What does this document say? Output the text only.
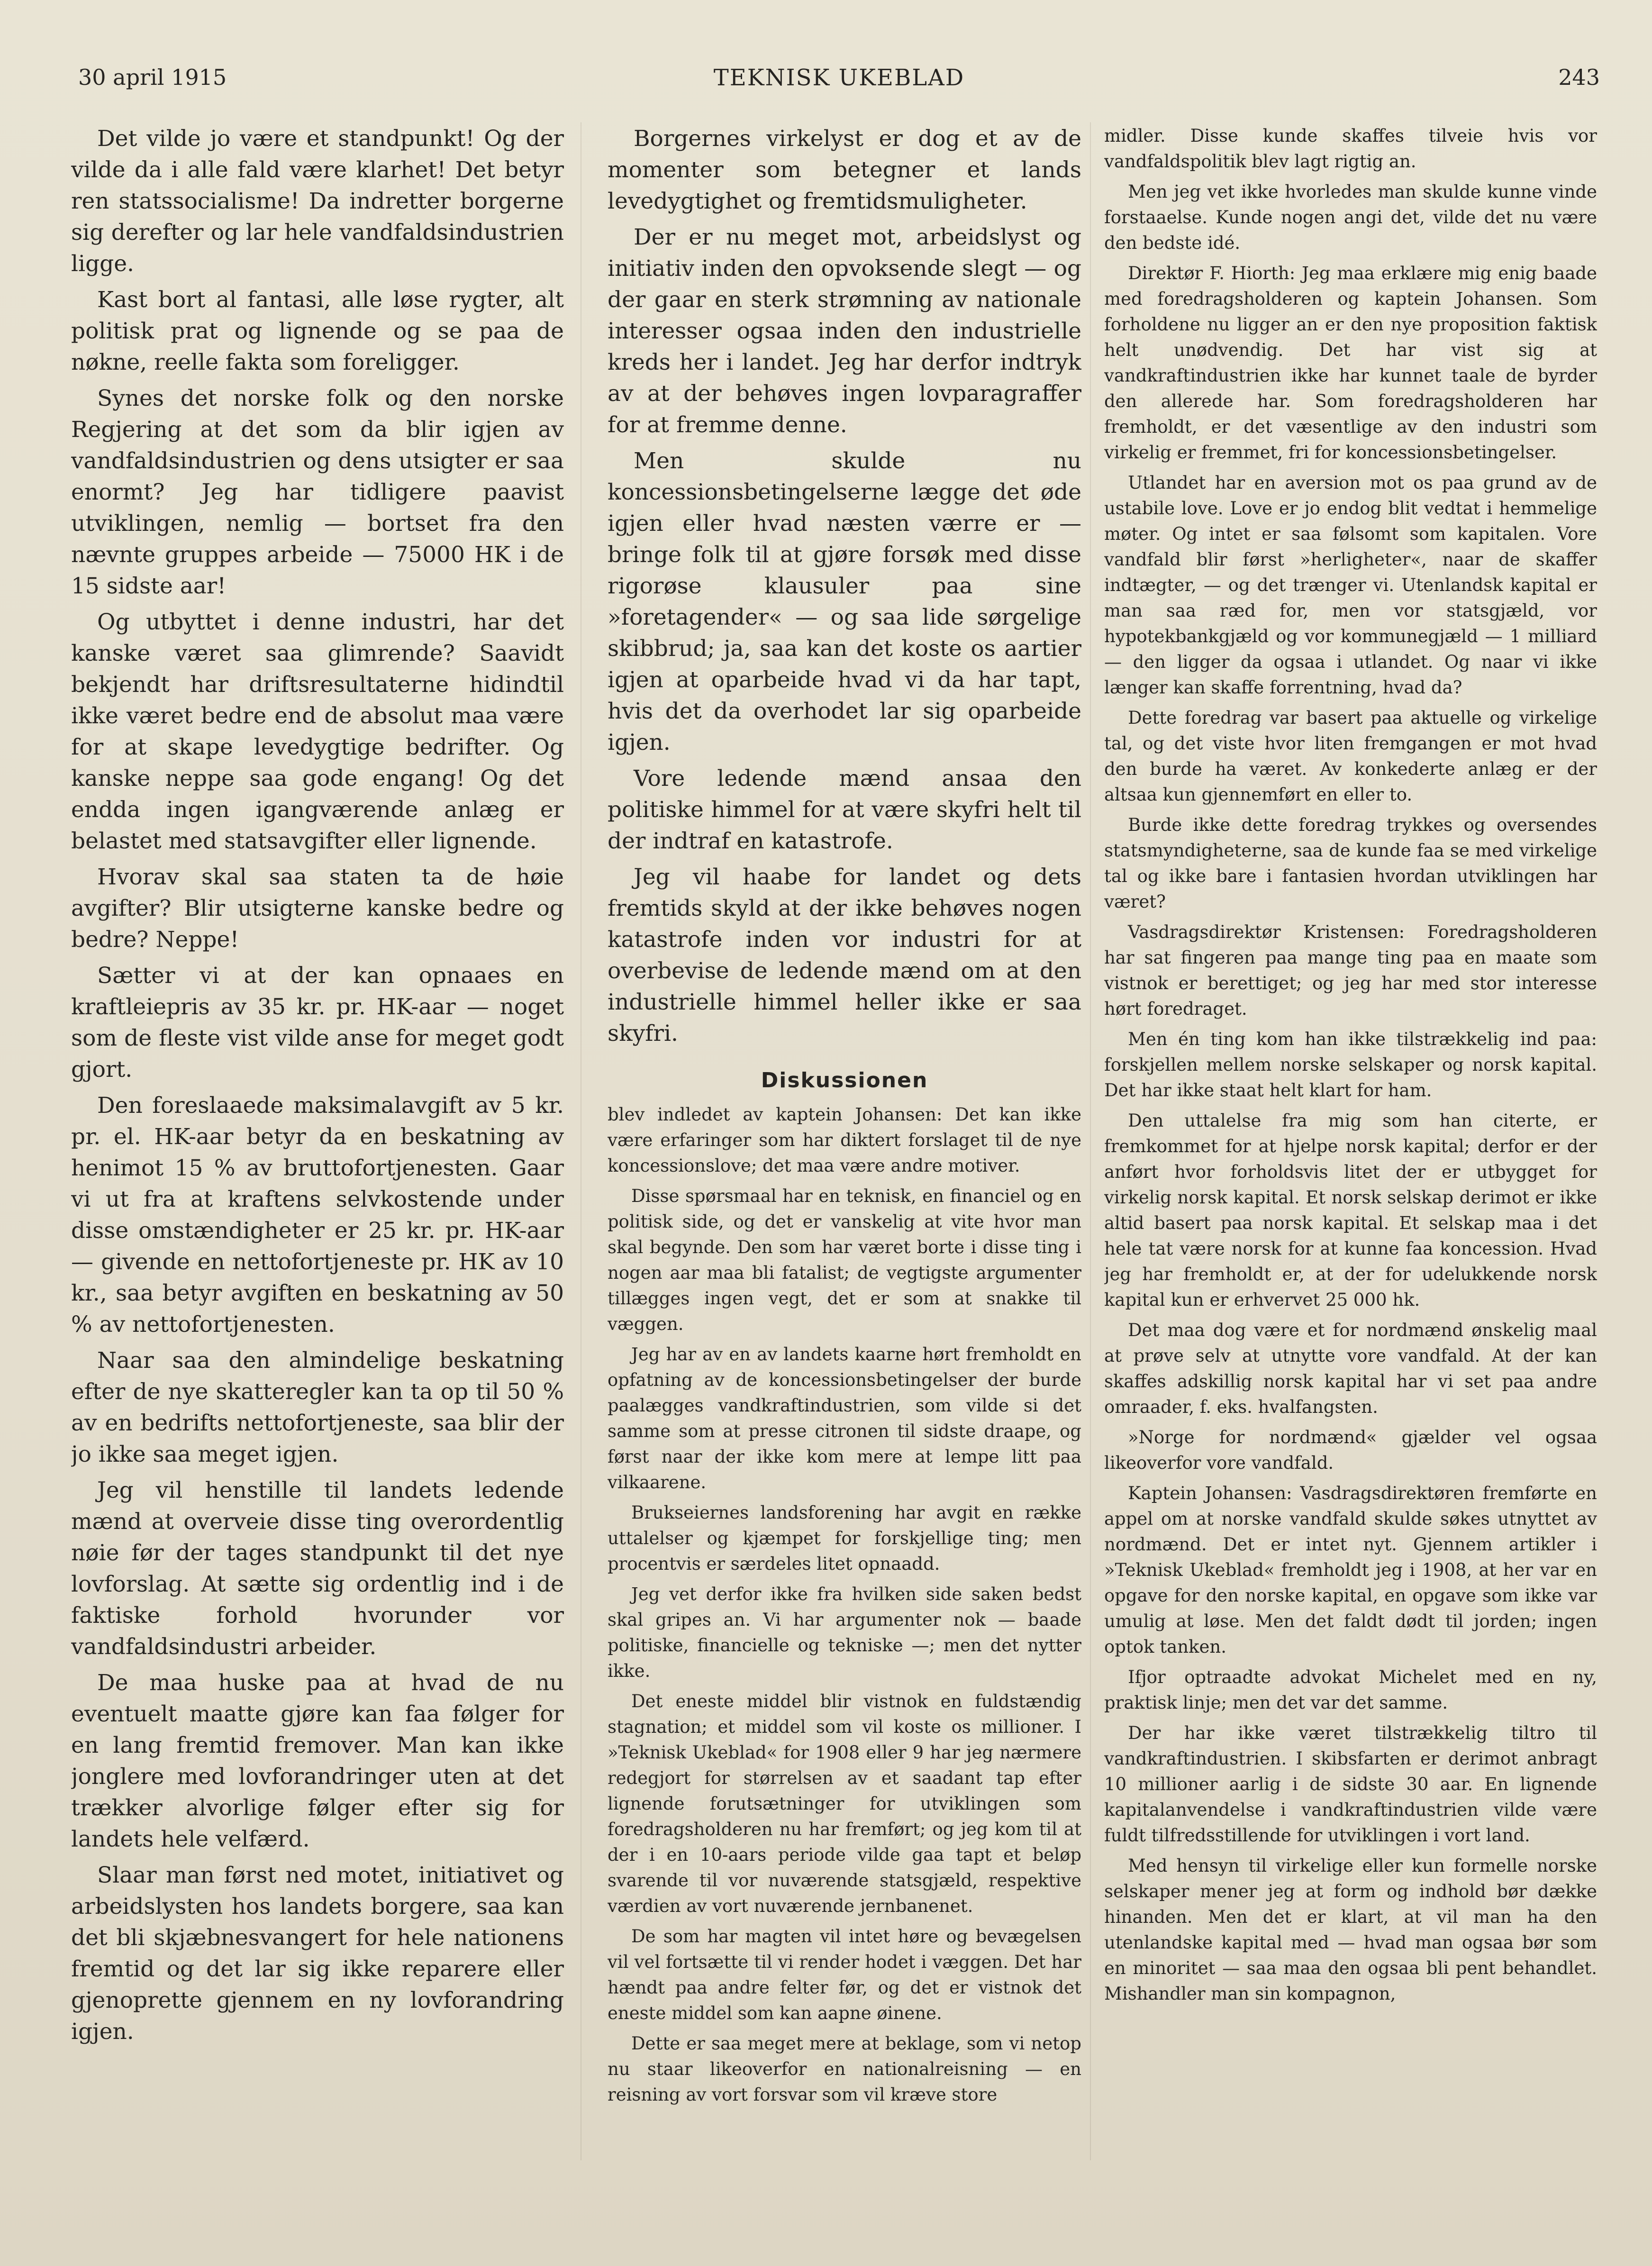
30 april 1915	TEKNISK UKEBLAD	243

Det vilde jo være et standpunkt! Og der vilde da i alle fald være klarhet! Det betyr ren statssocialisme! Da indretter borgerne sig derefter og lar hele vandfaldsindustrien ligge.

Kast bort al fantasi, alle løse rygter, alt politisk prat og lignende og se paa de nøkne, reelle fakta som foreligger.

Synes det norske folk og den norske Regjering at det som da blir igjen av vandfaldsindustrien og dens utsigter er saa enormt? Jeg har tidligere paavist utviklingen, nemlig — bortset fra den nævnte gruppes arbeide — 75000 HK i de 15 sidste aar!

Og utbyttet i denne industri, har det kanske været saa glimrende? Saavidt bekjendt har driftsresultaterne hidindtil ikke været bedre end de absolut maa være for at skape levedygtige bedrifter. Og kanske neppe saa gode engang! Og det endda ingen igangværende anlæg er belastet med statsavgifter eller lignende.

Hvorav skal saa staten ta de høie avgifter? Blir utsigterne kanske bedre og bedre? Neppe!

Sætter vi at der kan opnaaes en kraftleiepris av 35 kr. pr. HK-aar — noget som de fleste vist vilde anse for meget godt gjort.

Den foreslaaede maksimalavgift av 5 kr. pr. el. HK-aar betyr da en beskatning av henimot 15 % av bruttofortjenesten. Gaar vi ut fra at kraftens selvkostende under disse omstændigheter er 25 kr. pr. HK-aar — givende en nettofortjeneste pr. HK av 10 kr., saa betyr avgiften en beskatning av 50 % av nettofortjenesten.

Naar saa den almindelige beskatning efter de nye skatteregler kan ta op til 50 % av en bedrifts nettofortjeneste, saa blir der jo ikke saa meget igjen.

Jeg vil henstille til landets ledende mænd at overveie disse ting overordentlig nøie før der tages standpunkt til det nye lovforslag. At sætte sig ordentlig ind i de faktiske forhold hvorunder vor vandfaldsindustri arbeider.

De maa huske paa at hvad de nu eventuelt maatte gjøre kan faa følger for en lang fremtid fremover. Man kan ikke jonglere med lovforandringer uten at det trækker alvorlige følger efter sig for landets hele velfærd.

Slaar man først ned motet, initiativet og arbeidslysten hos landets borgere, saa kan det bli skjæbnesvangert for hele nationens fremtid og det lar sig ikke reparere eller gjenoprette gjennem en ny lovforandring igjen.

Borgernes virkelyst er dog et av de momenter som betegner et lands levedygtighet og fremtidsmuligheter.

Der er nu meget mot, arbeidslyst og initiativ inden den opvoksende slegt — og der gaar en sterk strømning av nationale interesser ogsaa inden den industrielle kreds her i landet. Jeg har derfor indtryk av at der behøves ingen lovparagraffer for at fremme denne.

Men skulde nu koncessionsbetingelserne lægge det øde igjen eller hvad næsten værre er — bringe folk til at gjøre forsøk med disse rigorøse klausuler paa sine »foretagender« — og saa lide sørgelige skibbrud; ja, saa kan det koste os aartier igjen at oparbeide hvad vi da har tapt, hvis det da overhodet lar sig oparbeide igjen.

Vore ledende mænd ansaa den politiske himmel for at være skyfri helt til der indtraf en katastrofe.

Jeg vil haabe for landet og dets fremtids skyld at der ikke behøves nogen katastrofe inden vor industri for at overbevise de ledende mænd om at den industrielle himmel heller ikke er saa skyfri.

Diskussionen

blev indledet av kaptein Johansen: Det kan ikke være erfaringer som har diktert forslaget til de nye koncessionslove; det maa være andre motiver.

Disse spørsmaal har en teknisk, en financiel og en politisk side, og det er vanskelig at vite hvor man skal begynde. Den som har været borte i disse ting i nogen aar maa bli fatalist; de vegtigste argumenter tillægges ingen vegt, det er som at snakke til væggen.

Jeg har av en av landets kaarne hørt fremholdt en opfatning av de koncessionsbetingelser der burde paalægges vandkraftindustrien, som vilde si det samme som at presse citronen til sidste draape, og først naar der ikke kom mere at lempe litt paa vilkaarene.

Brukseiernes landsforening har avgit en række uttalelser og kjæmpet for forskjellige ting; men procentvis er særdeles litet opnaadd.

Jeg vet derfor ikke fra hvilken side saken bedst skal gripes an. Vi har argumenter nok — baade politiske, financielle og tekniske —; men det nytter ikke.

Det eneste middel blir vistnok en fuldstændig stagnation; et middel som vil koste os millioner. I »Teknisk Ukeblad« for 1908 eller 9 har jeg nærmere redegjort for størrelsen av et saadant tap efter lignende forutsætninger for utviklingen som foredragsholderen nu har fremført; og jeg kom til at der i en 10-aars periode vilde gaa tapt et beløp svarende til vor nuværende statsgjæld, respektive værdien av vort nuværende jernbanenet.

De som har magten vil intet høre og bevægelsen vil vel fortsætte til vi render hodet i væggen. Det har hændt paa andre felter før, og det er vistnok det eneste middel som kan aapne øinene.

Dette er saa meget mere at beklage, som vi netop nu staar likeoverfor en nationalreisning — en reisning av vort forsvar som vil kræve store

midler. Disse kunde skaffes tilveie hvis vor vandfaldspolitik blev lagt rigtig an.

Men jeg vet ikke hvorledes man skulde kunne vinde forstaaelse. Kunde nogen angi det, vilde det nu være den bedste idé.

Direktør F. Hiorth: Jeg maa erklære mig enig baade med foredragsholderen og kaptein Johansen. Som forholdene nu ligger an er den nye proposition faktisk helt unødvendig. Det har vist sig at vandkraftindustrien ikke har kunnet taale de byrder den allerede har. Som foredragsholderen har fremholdt, er det væsentlige av den industri som virkelig er fremmet, fri for koncessionsbetingelser.

Utlandet har en aversion mot os paa grund av de ustabile love. Love er jo endog blit vedtat i hemmelige møter. Og intet er saa følsomt som kapitalen. Vore vandfald blir først »herligheter«, naar de skaffer indtægter, — og det trænger vi. Utenlandsk kapital er man saa ræd for, men vor statsgjæld, vor hypotekbankgjæld og vor kommunegjæld — 1 milliard — den ligger da ogsaa i utlandet. Og naar vi ikke længer kan skaffe forrentning, hvad da?

Dette foredrag var basert paa aktuelle og virkelige tal, og det viste hvor liten fremgangen er mot hvad den burde ha været. Av konkederte anlæg er der altsaa kun gjennemført en eller to.

Burde ikke dette foredrag trykkes og oversendes statsmyndigheterne, saa de kunde faa se med virkelige tal og ikke bare i fantasien hvordan utviklingen har været?

Vasdragsdirektør Kristensen: Foredragsholderen har sat fingeren paa mange ting paa en maate som vistnok er berettiget; og jeg har med stor interesse hørt foredraget.

Men én ting kom han ikke tilstrækkelig ind paa: forskjellen mellem norske selskaper og norsk kapital. Det har ikke staat helt klart for ham.

Den uttalelse fra mig som han citerte, er fremkommet for at hjelpe norsk kapital; derfor er der anført hvor forholdsvis litet der er utbygget for virkelig norsk kapital. Et norsk selskap derimot er ikke altid basert paa norsk kapital. Et selskap maa i det hele tat være norsk for at kunne faa koncession. Hvad jeg har fremholdt er, at der for udelukkende norsk kapital kun er erhvervet 25 000 hk.

Det maa dog være et for nordmænd ønskelig maal at prøve selv at utnytte vore vandfald. At der kan skaffes adskillig norsk kapital har vi set paa andre omraader, f. eks. hvalfangsten.

»Norge for nordmænd« gjælder vel ogsaa likeoverfor vore vandfald.

Kaptein Johansen: Vasdragsdirektøren fremførte en appel om at norske vandfald skulde søkes utnyttet av nordmænd. Det er intet nyt. Gjennem artikler i »Teknisk Ukeblad« fremholdt jeg i 1908, at her var en opgave for den norske kapital, en opgave som ikke var umulig at løse. Men det faldt dødt til jorden; ingen optok tanken.

Ifjor optraadte advokat Michelet med en ny, praktisk linje; men det var det samme.

Der har ikke været tilstrækkelig tiltro til vandkraftindustrien. I skibsfarten er derimot anbragt 10 millioner aarlig i de sidste 30 aar. En lignende kapitalanvendelse i vandkraftindustrien vilde være fuldt tilfredsstillende for utviklingen i vort land.

Med hensyn til virkelige eller kun formelle norske selskaper mener jeg at form og indhold bør dække hinanden. Men det er klart, at vil man ha den utenlandske kapital med — hvad man ogsaa bør som en minoritet — saa maa den ogsaa bli pent behandlet. Mishandler man sin kompagnon,
